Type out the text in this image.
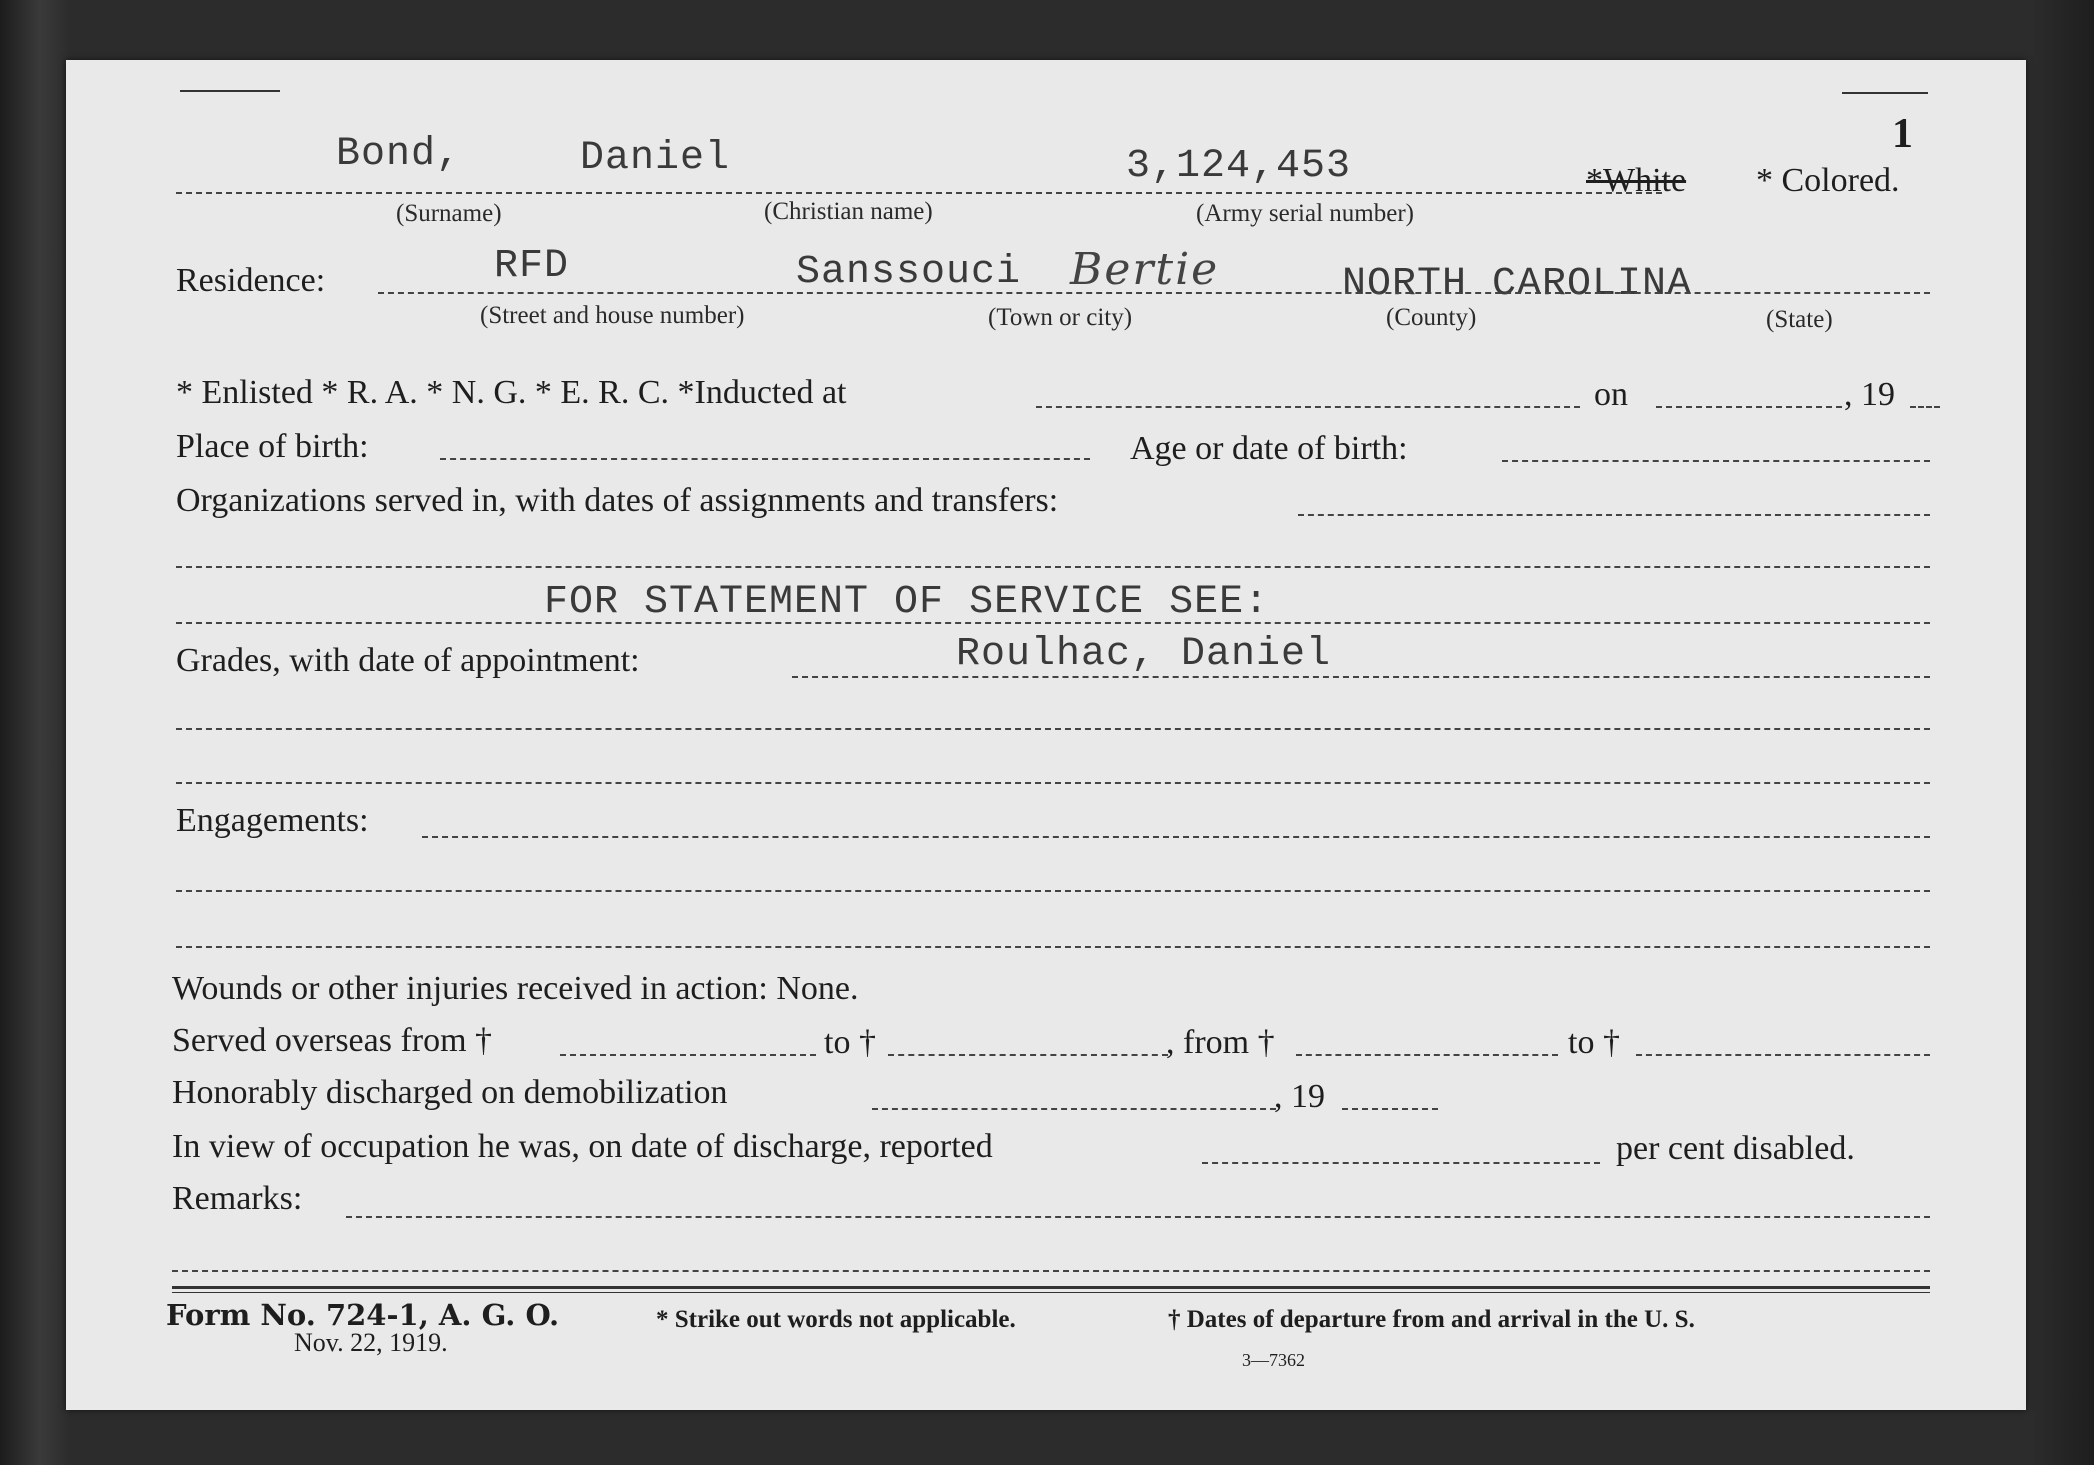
1
Bond,	Daniel	3,124,453	*White * Colored.
(Surname)	(Christian name)	(Army serial number)
Residence:	RFD	Sanssouci Bertie	NORTH CAROLINA
(Street and house number)	(Town or city)	(County)	(State)
* Enlisted * R. A. * N. G. * E. R. C. *Inducted at	on	, 19
Place of birth:	Age or date of birth:
Organizations served in, with dates of assignments and transfers:
FOR STATEMENT OF SERVICE SEE:
Grades, with date of appointment:	Roulhac, Daniel
Engagements:
Wounds or other injuries received in action: None.
Served overseas from †	to †	, from †	to †
Honorably discharged on demobilization	, 19
In view of occupation he was, on date of discharge, reported	per cent disabled.
Remarks:
Form No. 724-1, A. G. O.
Nov. 22, 1919.
* Strike out words not applicable.	† Dates of departure from and arrival in the U. S.
3—7362
